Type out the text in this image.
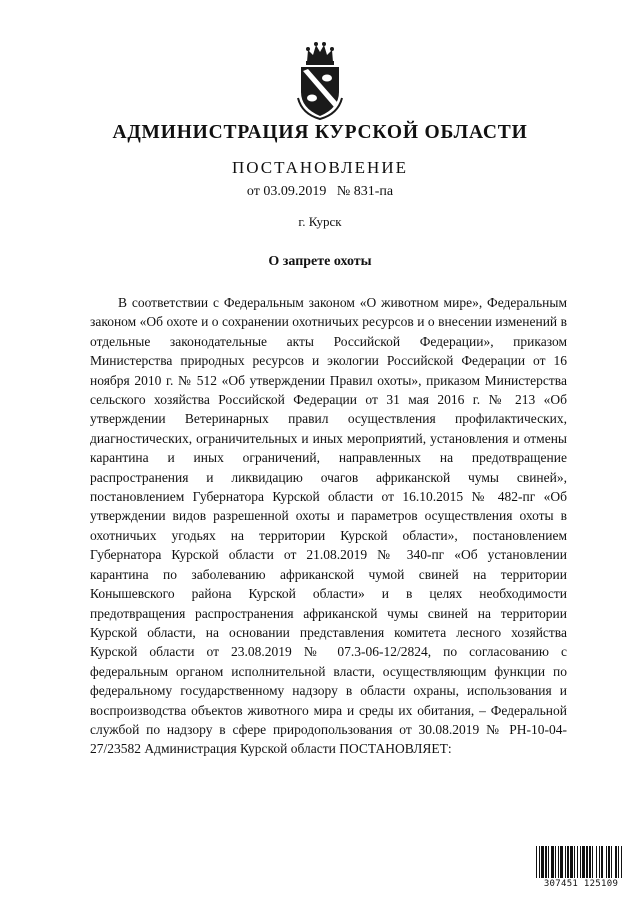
АДМИНИСТРАЦИЯ КУРСКОЙ ОБЛАСТИ
ПОСТАНОВЛЕНИЕ
от 03.09.2019 № 831-па
г. Курск
О запрете охоты

В соответствии с Федеральным законом «О животном мире», Федеральным законом «Об охоте и о сохранении охотничьих ресурсов и о внесении изменений в отдельные законодательные акты Российской Федерации», приказом Министерства природных ресурсов и экологии Российской Федерации от 16 ноября 2010 г. № 512 «Об утверждении Правил охоты», приказом Министерства сельского хозяйства Российской Федерации от 31 мая 2016 г. № 213 «Об утверждении Ветеринарных правил осуществления профилактических, диагностических, ограничительных и иных мероприятий, установления и отмены карантина и иных ограничений, направленных на предотвращение распространения и ликвидацию очагов африканской чумы свиней», постановлением Губернатора Курской области от 16.10.2015 № 482-пг «Об утверждении видов разрешенной охоты и параметров осуществления охоты в охотничьих угодьях на территории Курской области», постановлением Губернатора Курской области от 21.08.2019 № 340-пг «Об установлении карантина по заболеванию африканской чумой свиней на территории Конышевского района Курской области» и в целях необходимости предотвращения распространения африканской чумы свиней на территории Курской области, на основании представления комитета лесного хозяйства Курской области от 23.08.2019 № 07.3-06-12/2824, по согласованию с федеральным органом исполнительной власти, осуществляющим функции по федеральному государственному надзору в области охраны, использования и воспроизводства объектов животного мира и среды их обитания, – Федеральной службой по надзору в сфере природопользования от 30.08.2019 № РН-10-04-27/23582 Администрация Курской области ПОСТАНОВЛЯЕТ:

307451 125109
